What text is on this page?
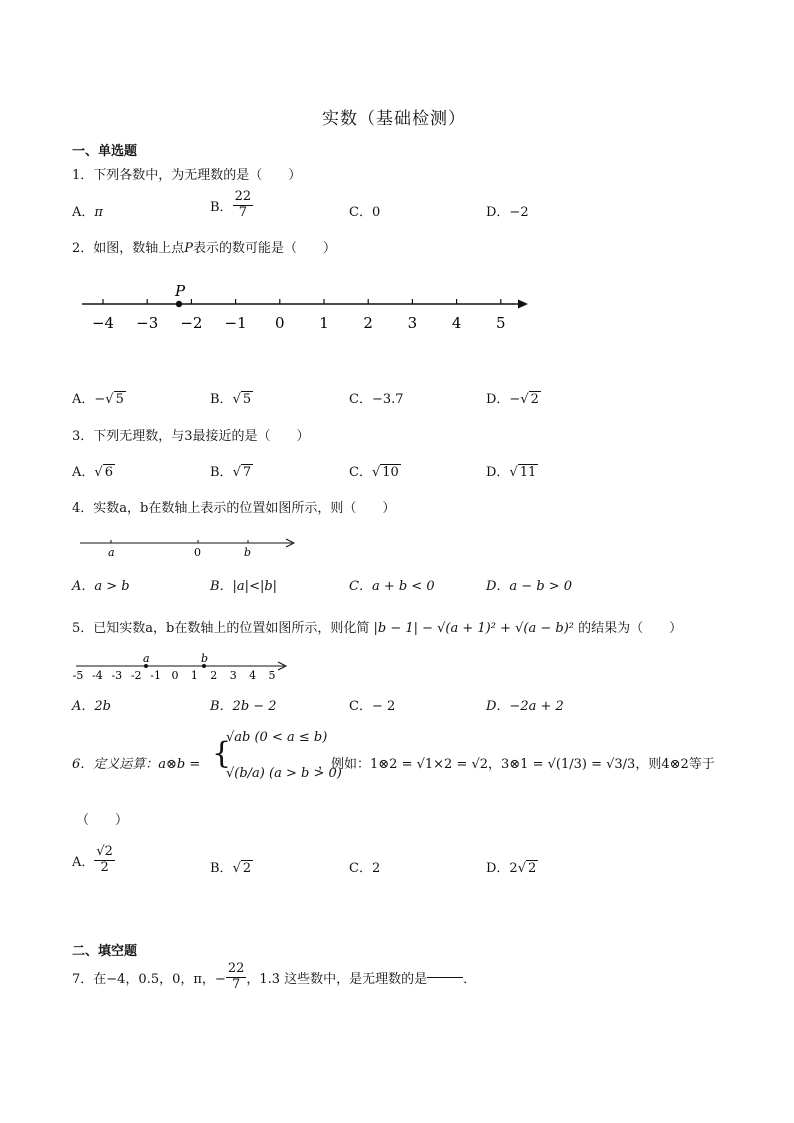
实数（基础检测）
一、单选题
1．下列各数中，为无理数的是（　　）
A．π	B． $\frac{22}{7}$	C．0	D．−2
2．如图，数轴上点P表示的数可能是（　　）
−4 −3 −2 −1 0 1 2 3 4 5
P
A．−√ 5	B．√ 5	C．−3.7	D．−√ 2
3．下列无理数，与3最接近的是（　　）
A．√ 6	B．√ 7	C．√ 10	D．√ 11
4．实数a，b在数轴上表示的位置如图所示，则（　　）
a	0	b
A．a > b	B．|a|<|b|	C．a + b < 0	D．a − b > 0
5．已知实数a，b在数轴上的位置如图所示，则化简 |b − 1| − √(a + 1)² + √(a − b)² 的结果为（　　）
-5 -4 -3 -2 -1 0 1 2 3 4 5
a	b
A．2b	B．2b − 2	C．− 2	D．−2a + 2
6．定义运算：a⊗b = {
√ab (0 < a ≤ b)
√(b/a) (a > b > 0)
，例如：1⊗2 = √1×2 = √2，3⊗1 = √(1/3) = √3/3，则4⊗2等于
（　　）
A． $\frac{√2}{2}$	B．√ 2	C．2	D．2√ 2
二、填空题
7．在−4，0.5，0，π，− $\frac{22}{7}$ ，1.3̇ 这些数中，是无理数的是	．
